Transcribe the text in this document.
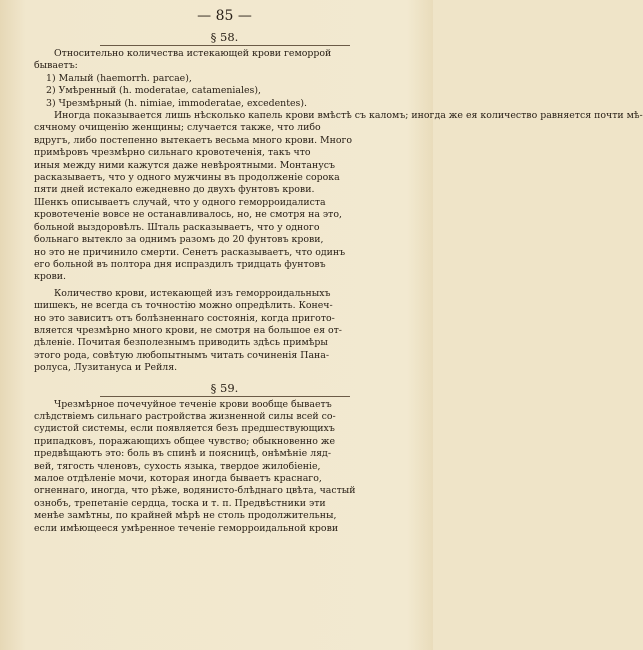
— 85 —
§ 58.
Относительно количества истекающей крови геморрой
бываетъ:
1) Малый (haemorrh. parcae),
2) Умѣренный (h. moderatae, catameniales),
3) Чрезмѣрный (h. nimiae, immoderatae, excedentes).
Иногда показывается лишь нѣсколько капель крови вмѣстѣ съ каломъ; иногда же ея количество равняется почти мѣ-
сячному очищенію женщины; случается также, что либо
вдругъ, либо постепенно вытекаетъ весьма много крови. Много
примѣровъ чрезмѣрно сильнаго кровотеченія, такъ что
иныя между ними кажутся даже невѣроятными. Монтанусъ
расказываетъ, что у одного мужчины въ продолженіе сорока
пяти дней истекало ежедневно до двухъ фунтовъ крови.
Шенкъ описываетъ случай, что у одного геморроидалиста
кровотеченіе вовсе не останавливалось, но, не смотря на это,
больной выздоровѣлъ. Шталь расказываетъ, что у одного
больнаго вытекло за однимъ разомъ до 20 фунтовъ крови,
но это не причинило смерти. Сенетъ расказываетъ, что одинъ
его больной въ полтора дня испраздилъ тридцать фунтовъ
крови.
Количество крови, истекающей изъ геморроидальныхъ
шишекъ, не всегда съ точностію можно опредѣлить. Конеч-
но это зависитъ отъ болѣзненнаго состоянія, когда пригото-
вляется чрезмѣрно много крови, не смотря на большое ея от-
дѣленіе. Почитая безполезнымъ приводить здѣсь примѣры
этого рода, совѣтую любопытнымъ читать сочиненія Пана-
ролуса, Лузитануса и Рейля.
§ 59.
Чрезмѣрное почечуйное теченіе крови вообще бываетъ
слѣдствіемъ сильнаго растройства жизненной силы всей со-
судистой системы, если появляется безъ предшествующихъ
припадковъ, поражающихъ общее чувство; обыкновенно же
предвѣщаютъ это: боль въ спинѣ и поясницѣ, онѣмѣніе ляд-
вей, тягость членовъ, сухость языка, твердое жилобіеніе,
малое отдѣленіе мочи, которая иногда бываетъ краснаго,
огненнаго, иногда, что рѣже, водянисто-блѣднаго цвѣта, частый
ознобъ, трепетаніе сердца, тоска и т. п. Предвѣстники эти
менѣе замѣтны, по крайней мѣрѣ не столь продолжительны,
если имѣющееся умѣренное теченіе геморроидальной крови
